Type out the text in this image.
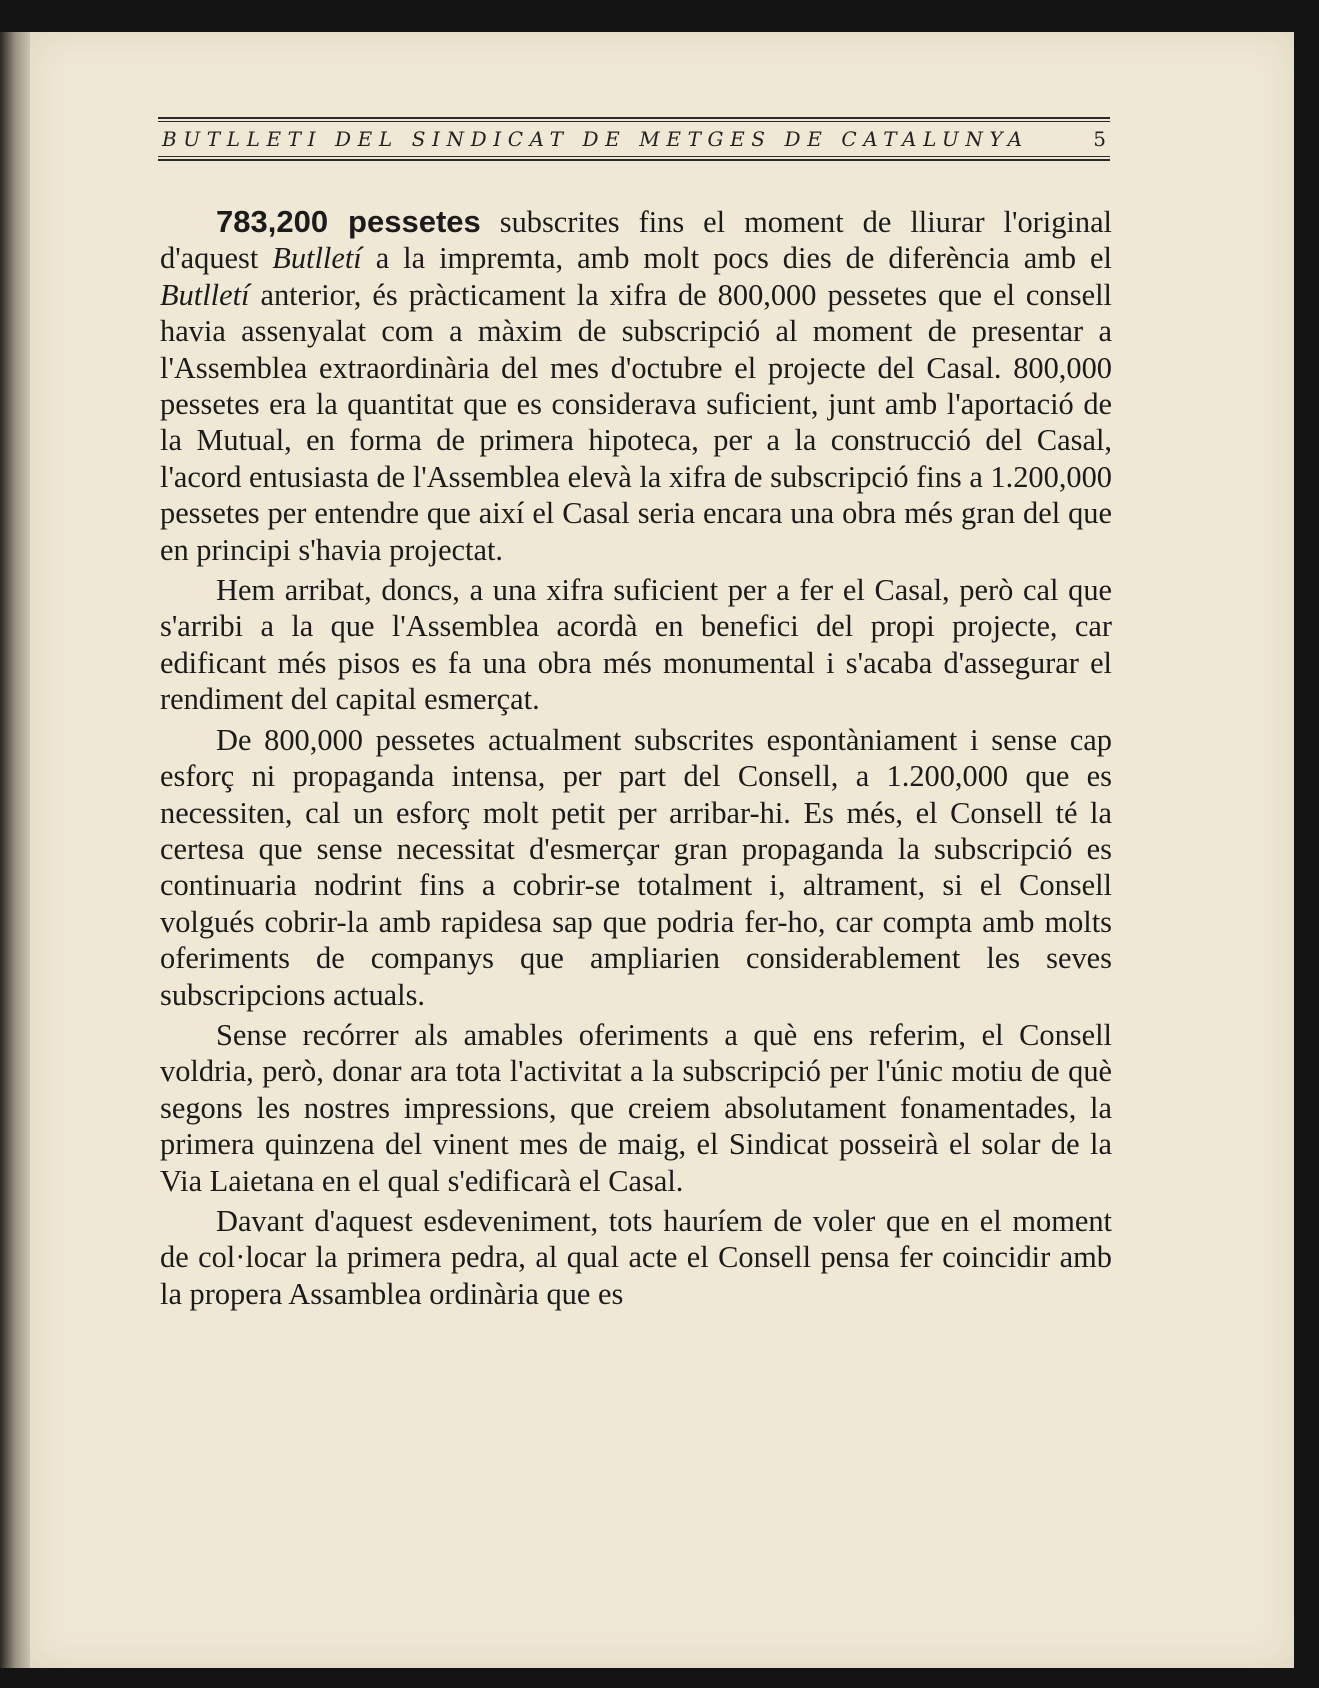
BUTLLETI DEL SINDICAT DE METGES DE CATALUNYA	5

783,200 pessetes subscrites fins el moment de lliurar l'original d'aquest Butlletí a la impremta, amb molt pocs dies de diferència amb el Butlletí anterior, és pràcticament la xifra de 800,000 pessetes que el consell havia assenyalat com a màxim de subscripció al moment de presentar a l'Assemblea extraordinària del mes d'octubre el projecte del Casal. 800,000 pessetes era la quantitat que es considerava suficient, junt amb l'aportació de la Mutual, en forma de primera hipoteca, per a la construcció del Casal, l'acord entusiasta de l'Assemblea elevà la xifra de subscripció fins a 1.200,000 pessetes per entendre que així el Casal seria encara una obra més gran del que en principi s'havia projectat.

Hem arribat, doncs, a una xifra suficient per a fer el Casal, però cal que s'arribi a la que l'Assemblea acordà en benefici del propi projecte, car edificant més pisos es fa una obra més monumental i s'acaba d'assegurar el rendiment del capital esmerçat.

De 800,000 pessetes actualment subscrites espontàniament i sense cap esforç ni propaganda intensa, per part del Consell, a 1.200,000 que es necessiten, cal un esforç molt petit per arribar-hi. Es més, el Consell té la certesa que sense necessitat d'esmerçar gran propaganda la subscripció es continuaria nodrint fins a cobrir-se totalment i, altrament, si el Consell volgués cobrir-la amb rapidesa sap que podria fer-ho, car compta amb molts oferiments de companys que ampliarien considerablement les seves subscripcions actuals.

Sense recórrer als amables oferiments a què ens referim, el Consell voldria, però, donar ara tota l'activitat a la subscripció per l'únic motiu de què segons les nostres impressions, que creiem absolutament fonamentades, la primera quinzena del vinent mes de maig, el Sindicat posseirà el solar de la Via Laietana en el qual s'edificarà el Casal.

Davant d'aquest esdeveniment, tots hauríem de voler que en el moment de col·locar la primera pedra, al qual acte el Consell pensa fer coincidir amb la propera Assamblea ordinària que es
